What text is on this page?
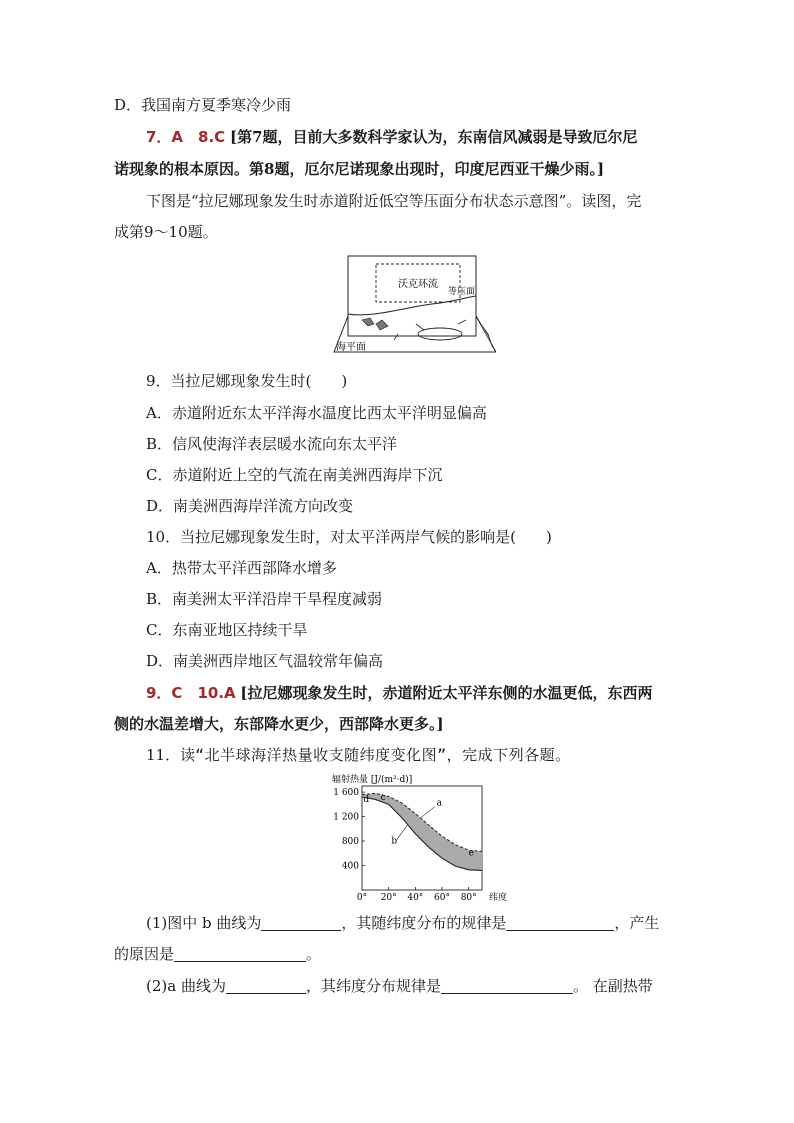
D．我国南方夏季寒冷少雨
7．A　8.C [第7题，目前大多数科学家认为，东南信风减弱是导致厄尔尼
诺现象的根本原因。第8题，厄尔尼诺现象出现时，印度尼西亚干燥少雨。]
下图是“拉尼娜现象发生时赤道附近低空等压面分布状态示意图”。读图，完
成第9～10题。
沃克环流
等压面
海平面
9．当拉尼娜现象发生时(　　)
A．赤道附近东太平洋海水温度比西太平洋明显偏高
B．信风使海洋表层暖水流向东太平洋
C．赤道附近上空的气流在南美洲西海岸下沉
D．南美洲西海岸洋流方向改变
10．当拉尼娜现象发生时，对太平洋两岸气候的影响是(　　)
A．热带太平洋西部降水增多
B．南美洲太平洋沿岸干旱程度减弱
C．东南亚地区持续干旱
D．南美洲西岸地区气温较常年偏高
9．C　10.A [拉尼娜现象发生时，赤道附近太平洋东侧的水温更低，东西两
侧的水温差增大，东部降水更少，西部降水更多。]
11．读“北半球海洋热量收支随纬度变化图”，完成下列各题。
辐射热量 [J/(m²·d)]
1 600
1 200
800
400
0° 20° 40° 60° 80° 纬度
a
b
c
d
e
(1)图中 b 曲线为	，其随纬度分布的规律是	，产生
的原因是	。
(2)a 曲线为	，其纬度分布规律是	。 在副热带
